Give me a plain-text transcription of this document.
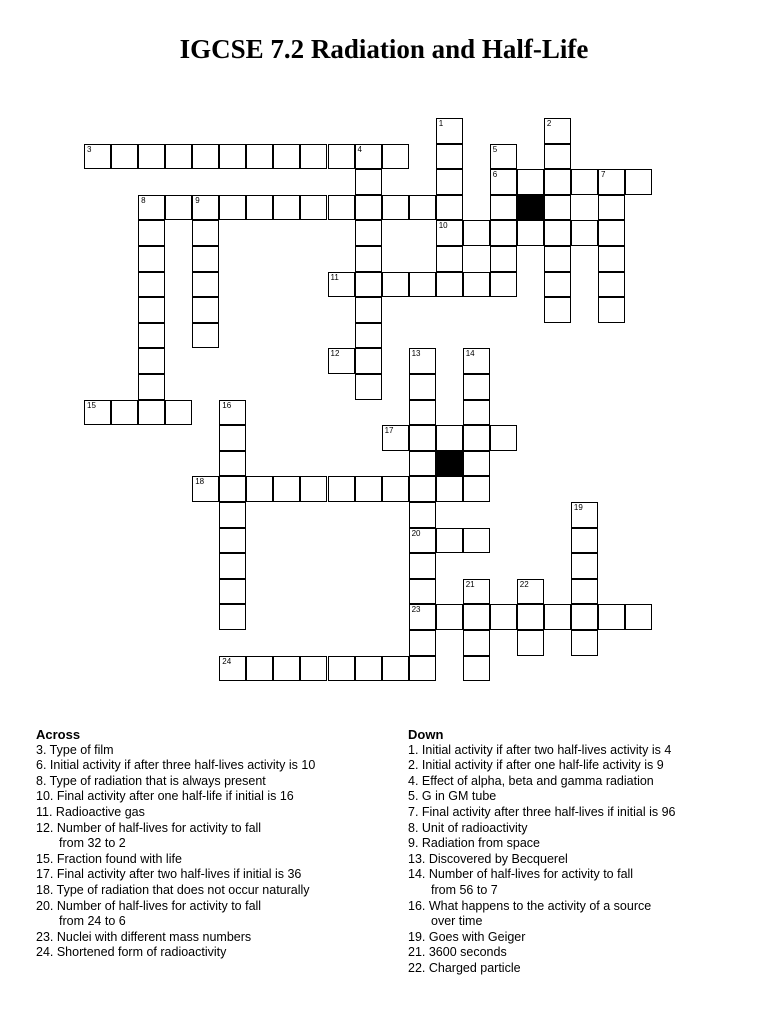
IGCSE 7.2 Radiation and Half-Life
3	4
6	7
8	9
10
11
12
15
17
18
20
23
24
1	2
5
13	14
16
19
21	22
Across
3. Type of film
6. Initial activity if after three half-lives activity is 10
8. Type of radiation that is always present
10. Final activity after one half-life if initial is 16
11. Radioactive gas
12. Number of half-lives for activity to fall
from 32 to 2
15. Fraction found with life
17. Final activity after two half-lives if initial is 36
18. Type of radiation that does not occur naturally
20. Number of half-lives for activity to fall
from 24 to 6
23. Nuclei with different mass numbers
24. Shortened form of radioactivity
Down
1. Initial activity if after two half-lives activity is 4
2. Initial activity if after one half-life activity is 9
4. Effect of alpha, beta and gamma radiation
5. G in GM tube
7. Final activity after three half-lives if initial is 96
8. Unit of radioactivity
9. Radiation from space
13. Discovered by Becquerel
14. Number of half-lives for activity to fall
from 56 to 7
16. What happens to the activity of a source
over time
19. Goes with Geiger
21. 3600 seconds
22. Charged particle
